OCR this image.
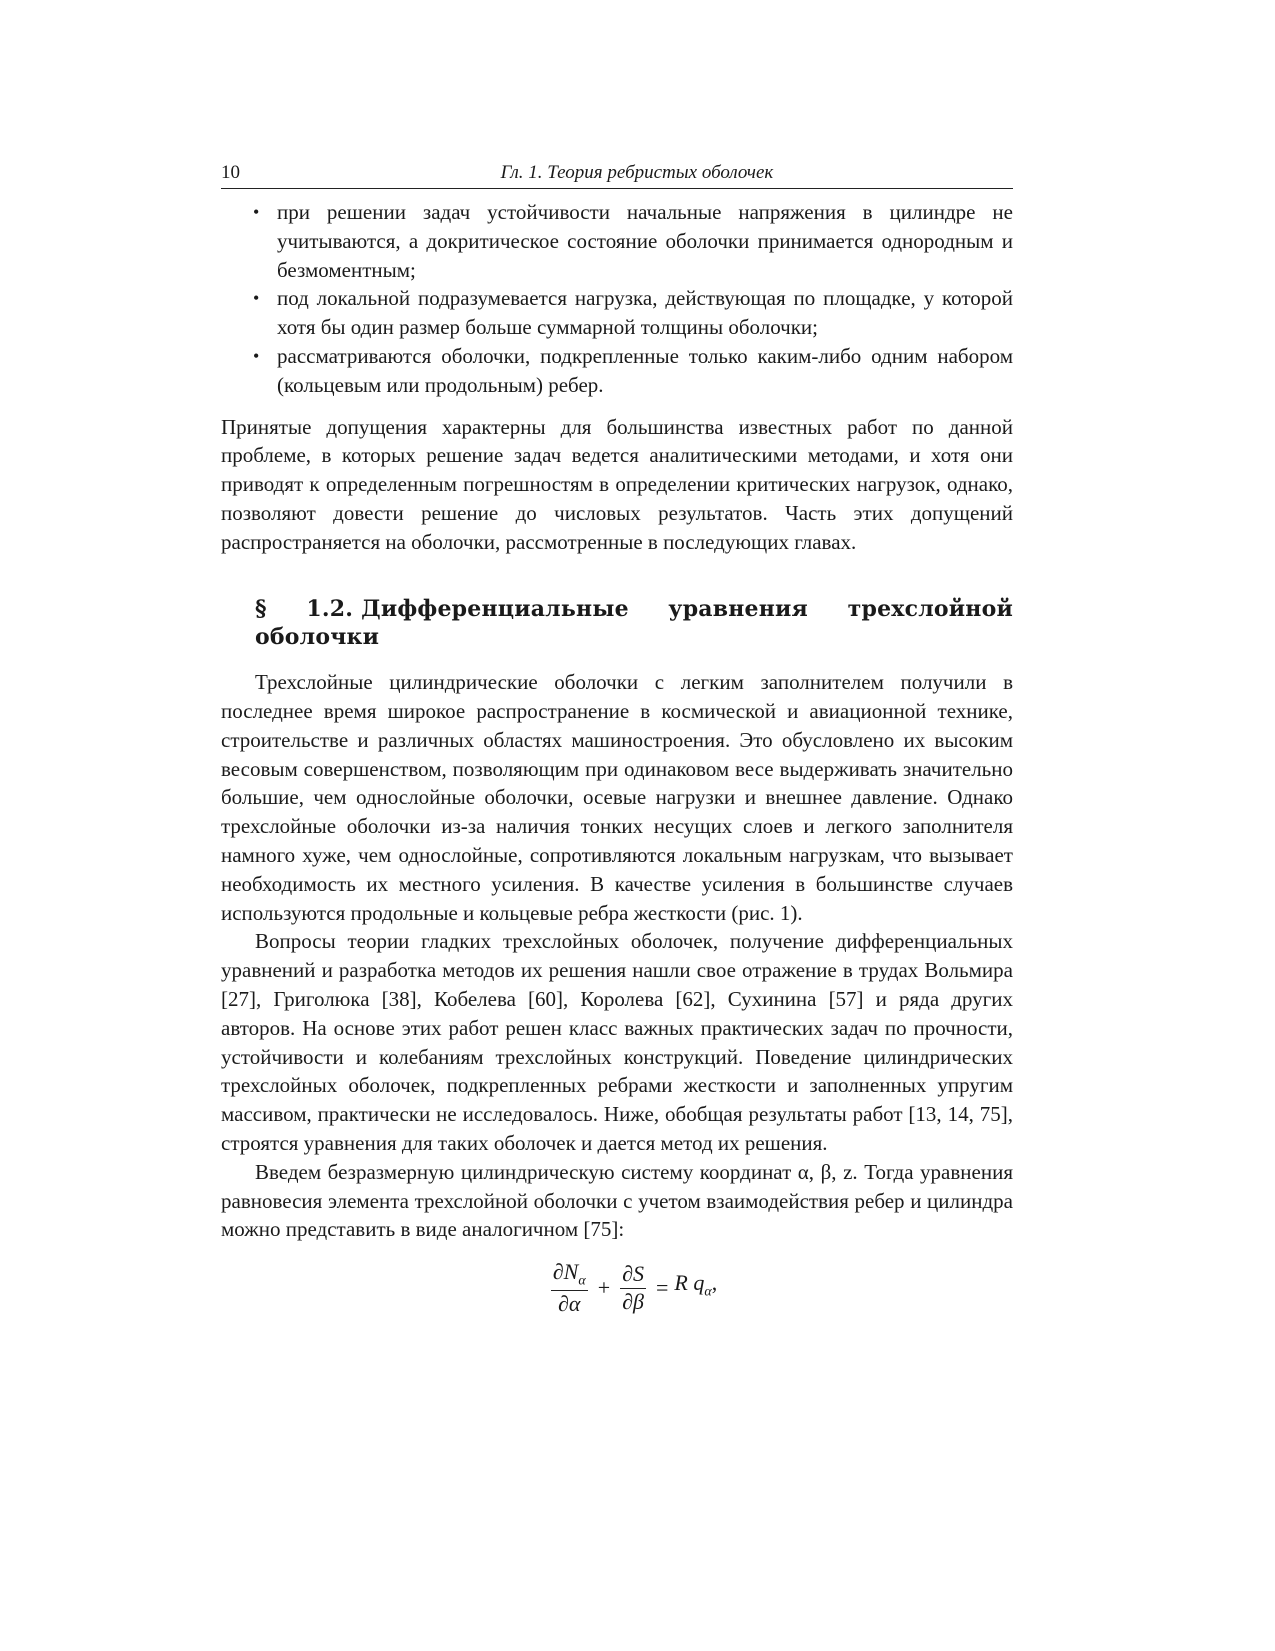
10	Гл. 1. Теория ребристых оболочек
• при решении задач устойчивости начальные напряжения в цилиндре не учитываются, а докритическое состояние оболочки принимается однородным и безмоментным;
• под локальной подразумевается нагрузка, действующая по площадке, у которой хотя бы один размер больше суммарной толщины оболочки;
• рассматриваются оболочки, подкрепленные только каким-либо одним набором (кольцевым или продольным) ребер.

Принятые допущения характерны для большинства известных работ по данной проблеме, в которых решение задач ведется аналитическими методами, и хотя они приводят к определенным погрешностям в определении критических нагрузок, однако, позволяют довести решение до числовых результатов. Часть этих допущений распространяется на оболочки, рассмотренные в последующих главах.

§ 1.2. Дифференциальные уравнения трехслойной оболочки

Трехслойные цилиндрические оболочки с легким заполнителем получили в последнее время широкое распространение в космической и авиационной технике, строительстве и различных областях машиностроения. Это обусловлено их высоким весовым совершенством, позволяющим при одинаковом весе выдерживать значительно большие, чем однослойные оболочки, осевые нагрузки и внешнее давление. Однако трехслойные оболочки из-за наличия тонких несущих слоев и легкого заполнителя намного хуже, чем однослойные, сопротивляются локальным нагрузкам, что вызывает необходимость их местного усиления. В качестве усиления в большинстве случаев используются продольные и кольцевые ребра жесткости (рис. 1).

Вопросы теории гладких трехслойных оболочек, получение дифференциальных уравнений и разработка методов их решения нашли свое отражение в трудах Вольмира [27], Григолюка [38], Кобелева [60], Королева [62], Сухинина [57] и ряда других авторов. На основе этих работ решен класс важных практических задач по прочности, устойчивости и колебаниям трехслойных конструкций. Поведение цилиндрических трехслойных оболочек, подкрепленных ребрами жесткости и заполненных упругим массивом, практически не исследовалось. Ниже, обобщая результаты работ [13, 14, 75], строятся уравнения для таких оболочек и дается метод их решения.

Введем безразмерную цилиндрическую систему координат α, β, z. Тогда уравнения равновесия элемента трехслойной оболочки с учетом взаимодействия ребер и цилиндра можно представить в виде аналогичном [75]:

$\frac{\partial N_\alpha}{\partial\alpha} + \frac{\partial S}{\partial\beta} = R$ $q_\alpha$,
